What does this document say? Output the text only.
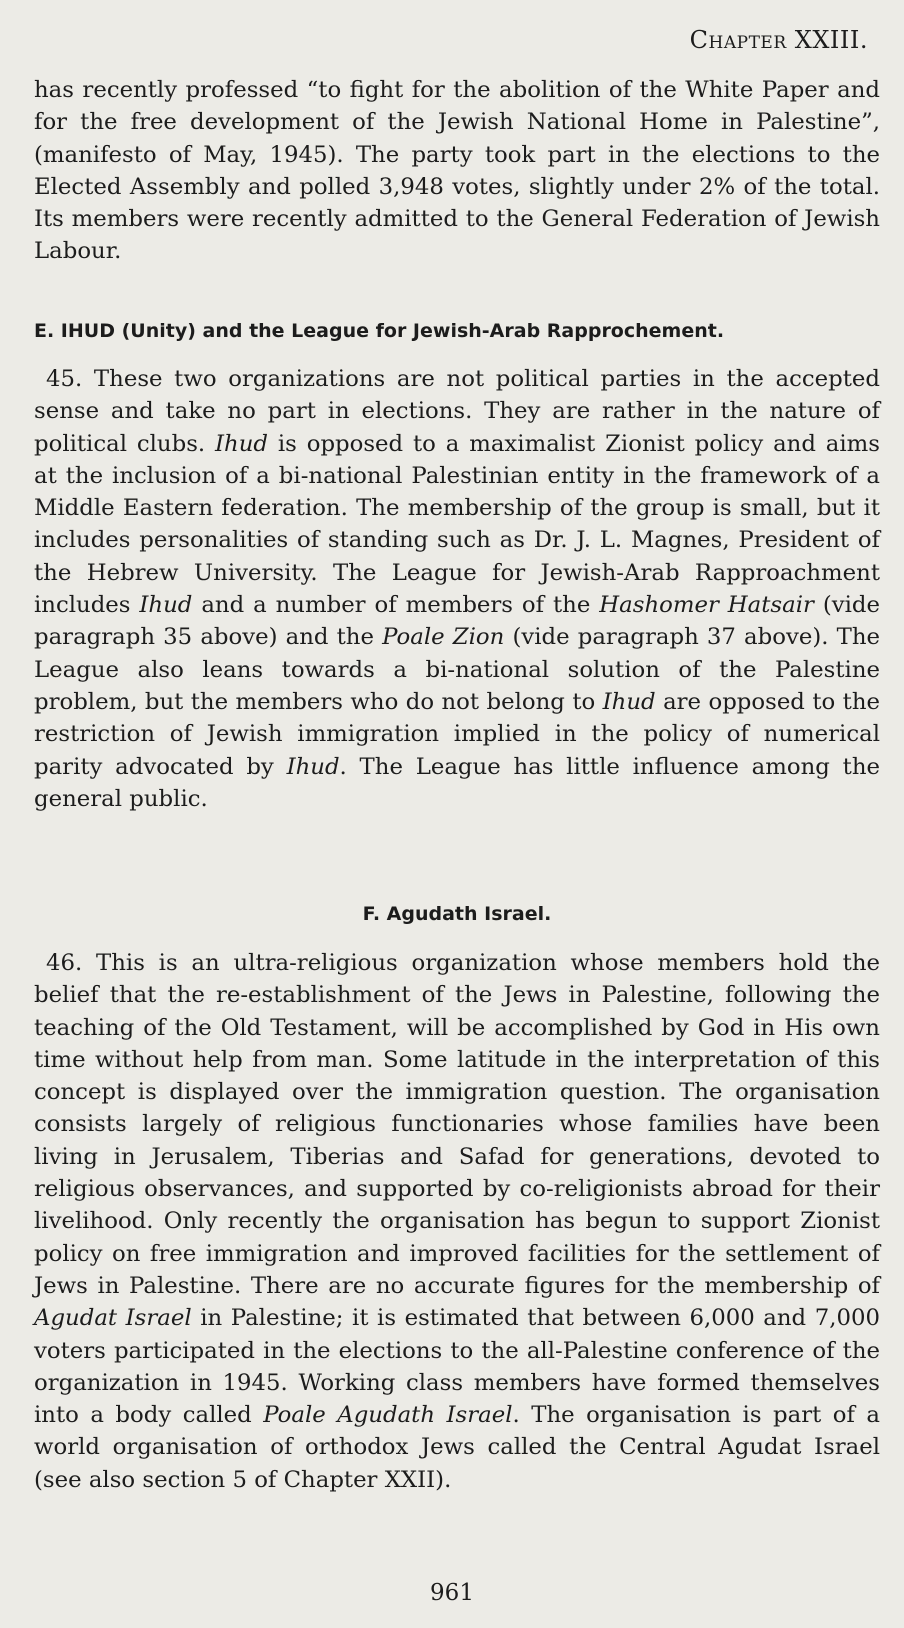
Chapter XXIII.

has recently professed “to fight for the abolition of the White Paper and for the free development of the Jewish National Home in Palestine”, (manifesto of May, 1945). The party took part in the elections to the Elected Assembly and polled 3,948 votes, slightly under 2% of the total. Its members were recently admitted to the General Federation of Jewish Labour.

E. IHUD (Unity) and the League for Jewish-Arab Rapprochement.

45. These two organizations are not political parties in the accepted sense and take no part in elections. They are rather in the nature of political clubs. Ihud is opposed to a maximalist Zionist policy and aims at the inclusion of a bi-national Palestinian entity in the framework of a Middle Eastern federation. The membership of the group is small, but it includes personalities of standing such as Dr. J. L. Magnes, President of the Hebrew University. The League for Jewish-Arab Rapproachment includes Ihud and a number of members of the Hashomer Hatsair (vide paragraph 35 above) and the Poale Zion (vide paragraph 37 above). The League also leans towards a bi-national solution of the Palestine problem, but the members who do not belong to Ihud are opposed to the restriction of Jewish immigration implied in the policy of numerical parity advocated by Ihud. The League has little influence among the general public.

F. Agudath Israel.

46. This is an ultra-religious organization whose members hold the belief that the re-establishment of the Jews in Palestine, following the teaching of the Old Testament, will be accomplished by God in His own time without help from man. Some latitude in the interpretation of this concept is displayed over the immigration question. The organisation consists largely of religious functionaries whose families have been living in Jerusalem, Tiberias and Safad for generations, devoted to religious observances, and supported by co-religionists abroad for their livelihood. Only recently the organisation has begun to support Zionist policy on free immigration and improved facilities for the settlement of Jews in Palestine. There are no accurate figures for the membership of Agudat Israel in Palestine; it is estimated that between 6,000 and 7,000 voters participated in the elections to the all-Palestine conference of the organization in 1945. Working class members have formed themselves into a body called Poale Agudath Israel. The organisation is part of a world organisation of orthodox Jews called the Central Agudat Israel (see also section 5 of Chapter XXII).

961
